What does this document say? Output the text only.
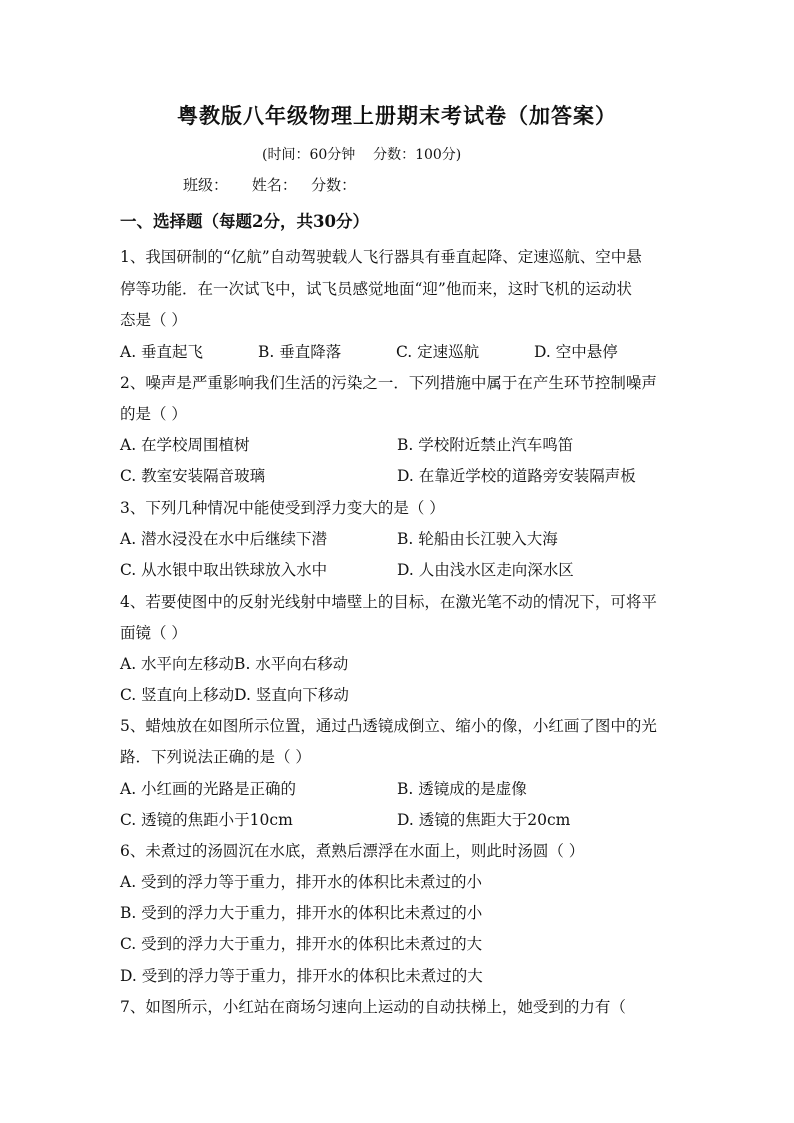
粤教版八年级物理上册期末考试卷（加答案）
(时间：60分钟    分数：100分)
班级：     姓名：   分数：
一、选择题（每题2分，共30分）
1、我国研制的“亿航”自动驾驶载人飞行器具有垂直起降、定速巡航、空中悬
停等功能．在一次试飞中，试飞员感觉地面“迎”他而来，这时飞机的运动状
态是（ ）
A. 垂直起飞	B. 垂直降落	C. 定速巡航	D. 空中悬停
2、噪声是严重影响我们生活的污染之一．下列措施中属于在产生环节控制噪声
的是（ ）
A. 在学校周围植树	B. 学校附近禁止汽车鸣笛
C. 教室安装隔音玻璃	D. 在靠近学校的道路旁安装隔声板
3、下列几种情况中能使受到浮力变大的是（ ）
A. 潜水浸没在水中后继续下潜	B. 轮船由长江驶入大海
C. 从水银中取出铁球放入水中	D. 人由浅水区走向深水区
4、若要使图中的反射光线射中墙壁上的目标，在激光笔不动的情况下，可将平
面镜（ ）
A. 水平向左移动B. 水平向右移动
C. 竖直向上移动D. 竖直向下移动
5、蜡烛放在如图所示位置，通过凸透镜成倒立、缩小的像，小红画了图中的光
路．下列说法正确的是（ ）
A. 小红画的光路是正确的	B. 透镜成的是虚像
C. 透镜的焦距小于10cm	D. 透镜的焦距大于20cm
6、未煮过的汤圆沉在水底，煮熟后漂浮在水面上，则此时汤圆（ ）
A. 受到的浮力等于重力，排开水的体积比未煮过的小
B. 受到的浮力大于重力，排开水的体积比未煮过的小
C. 受到的浮力大于重力，排开水的体积比未煮过的大
D. 受到的浮力等于重力，排开水的体积比未煮过的大
7、如图所示，小红站在商场匀速向上运动的自动扶梯上，她受到的力有（
